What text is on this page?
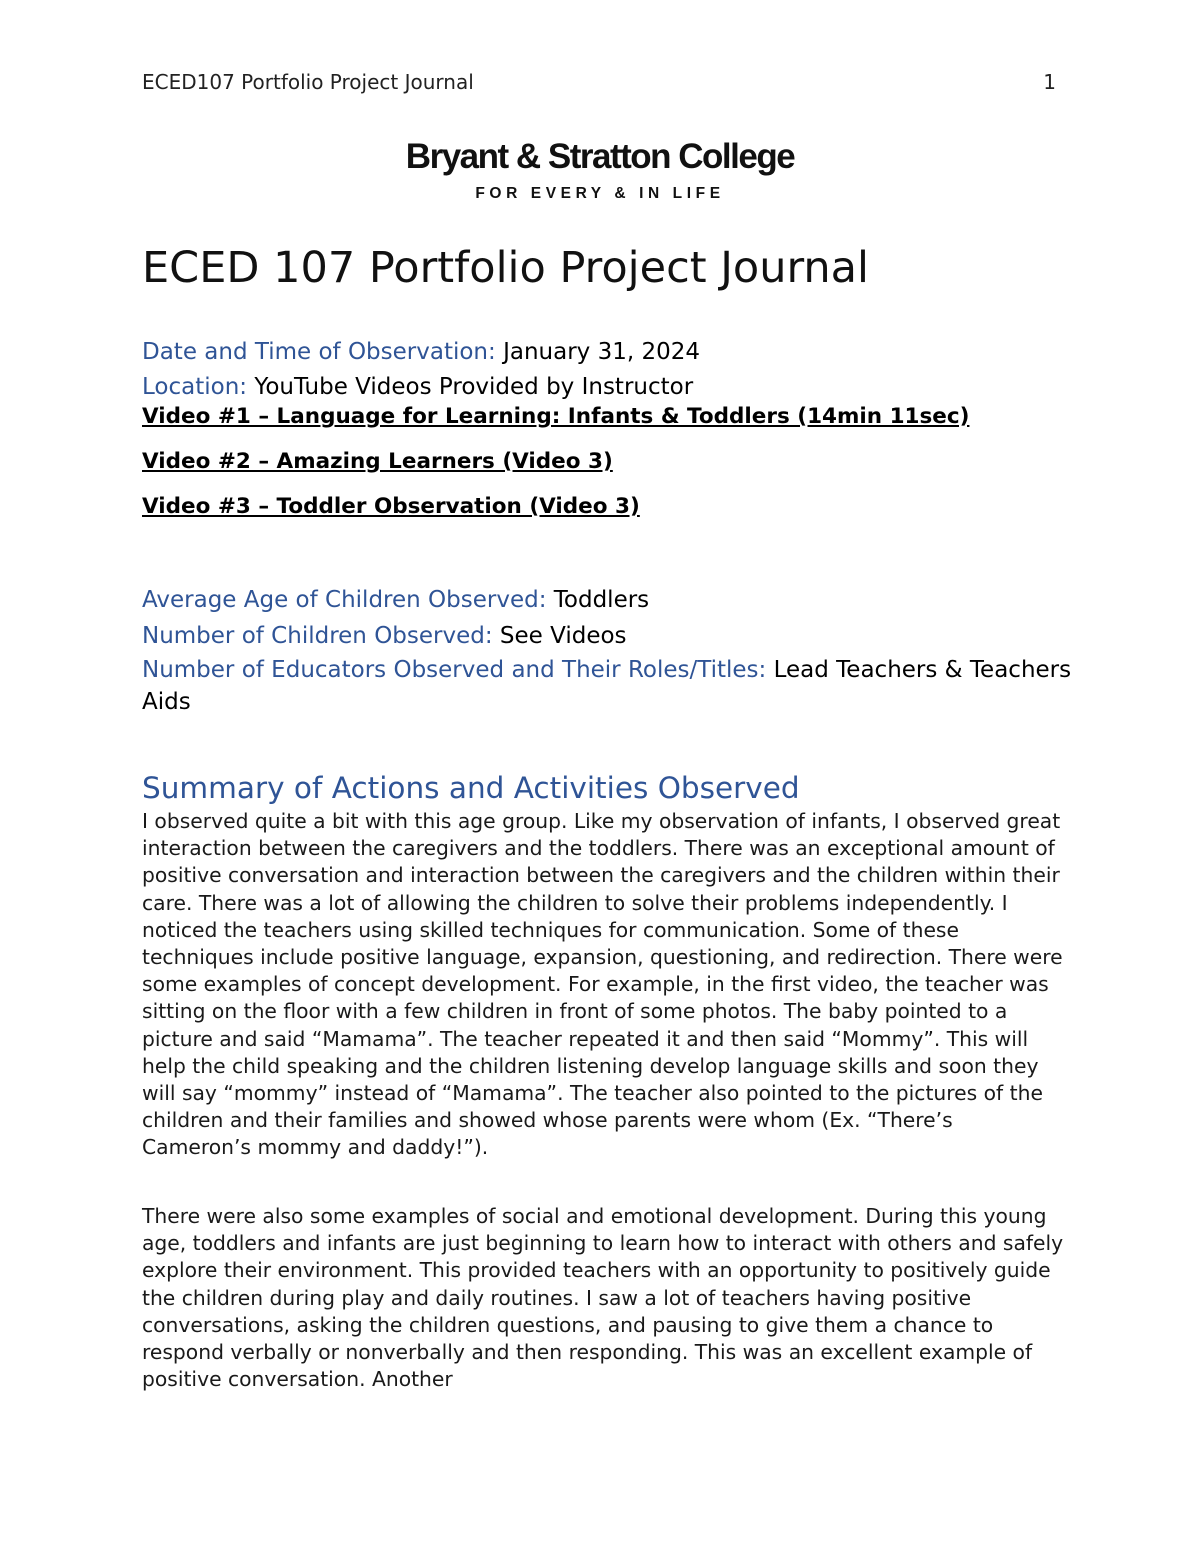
ECED107 Portfolio Project Journal	1
Bryant & Stratton College
FOR EVERY & IN LIFE
ECED 107 Portfolio Project Journal
Date and Time of Observation: January 31, 2024
Location: YouTube Videos Provided by Instructor
Video #1 – Language for Learning: Infants & Toddlers (14min 11sec)
Video #2 – Amazing Learners (Video 3)
Video #3 – Toddler Observation (Video 3)
Average Age of Children Observed: Toddlers
Number of Children Observed: See Videos
Number of Educators Observed and Their Roles/Titles: Lead Teachers & Teachers Aids
Summary of Actions and Activities Observed
I observed quite a bit with this age group. Like my observation of infants, I observed great interaction between the caregivers and the toddlers. There was an exceptional amount of positive conversation and interaction between the caregivers and the children within their care. There was a lot of allowing the children to solve their problems independently. I noticed the teachers using skilled techniques for communication. Some of these techniques include positive language, expansion, questioning, and redirection. There were some examples of concept development. For example, in the first video, the teacher was sitting on the floor with a few children in front of some photos. The baby pointed to a picture and said “Mamama”. The teacher repeated it and then said “Mommy”. This will help the child speaking and the children listening develop language skills and soon they will say “mommy” instead of “Mamama”. The teacher also pointed to the pictures of the children and their families and showed whose parents were whom (Ex. “There’s Cameron’s mommy and daddy!”).
There were also some examples of social and emotional development. During this young age, toddlers and infants are just beginning to learn how to interact with others and safely explore their environment. This provided teachers with an opportunity to positively guide the children during play and daily routines. I saw a lot of teachers having positive conversations, asking the children questions, and pausing to give them a chance to respond verbally or nonverbally and then responding. This was an excellent example of positive conversation. Another
